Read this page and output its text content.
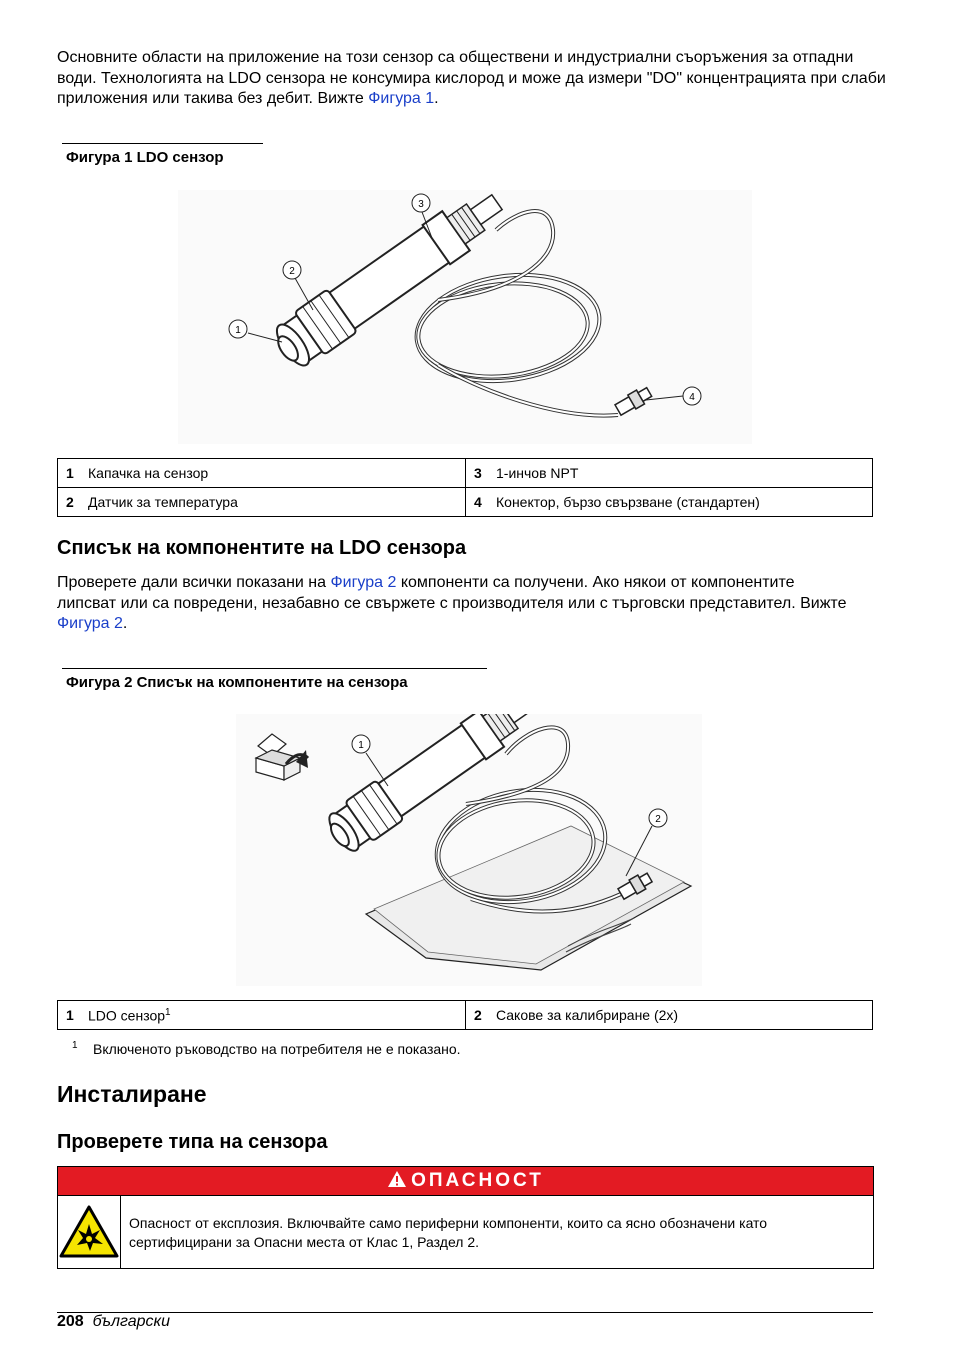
Основните области на приложение на този сензор са обществени и индустриални съоръжения за отпадни води. Технологията на LDO сензора не консумира кислород и може да измери "DO" концентрацията при слаби приложения или такива без дебит. Вижте Фигура 1.
Фигура 1 LDO сензор
1
2
3
4
1 Капачка на сензор	3 1-инчов NPT
2 Датчик за температура	4 Конектор, бързо свързване (стандартен)
Списък на компонентите на LDO сензора
Проверете дали всички показани на Фигура 2 компоненти са получени. Ако някои от компонентите липсват или са повредени, незабавно се свържете с производителя или с търговски представител. Вижте Фигура 2.
Фигура 2 Списък на компонентите на сензора
1
2
1 LDO сензор$^1$	2 Сакове за калибриране (2x)
1 Включеното ръководство на потребителя не е показано.
Инсталиране
Проверете типа на сензора
ОПАСНОСТ
Опасност от експлозия. Включвайте само периферни компоненти, които са ясно обозначени като сертифицирани за Опасни места от Клас 1, Раздел 2.
208 български
